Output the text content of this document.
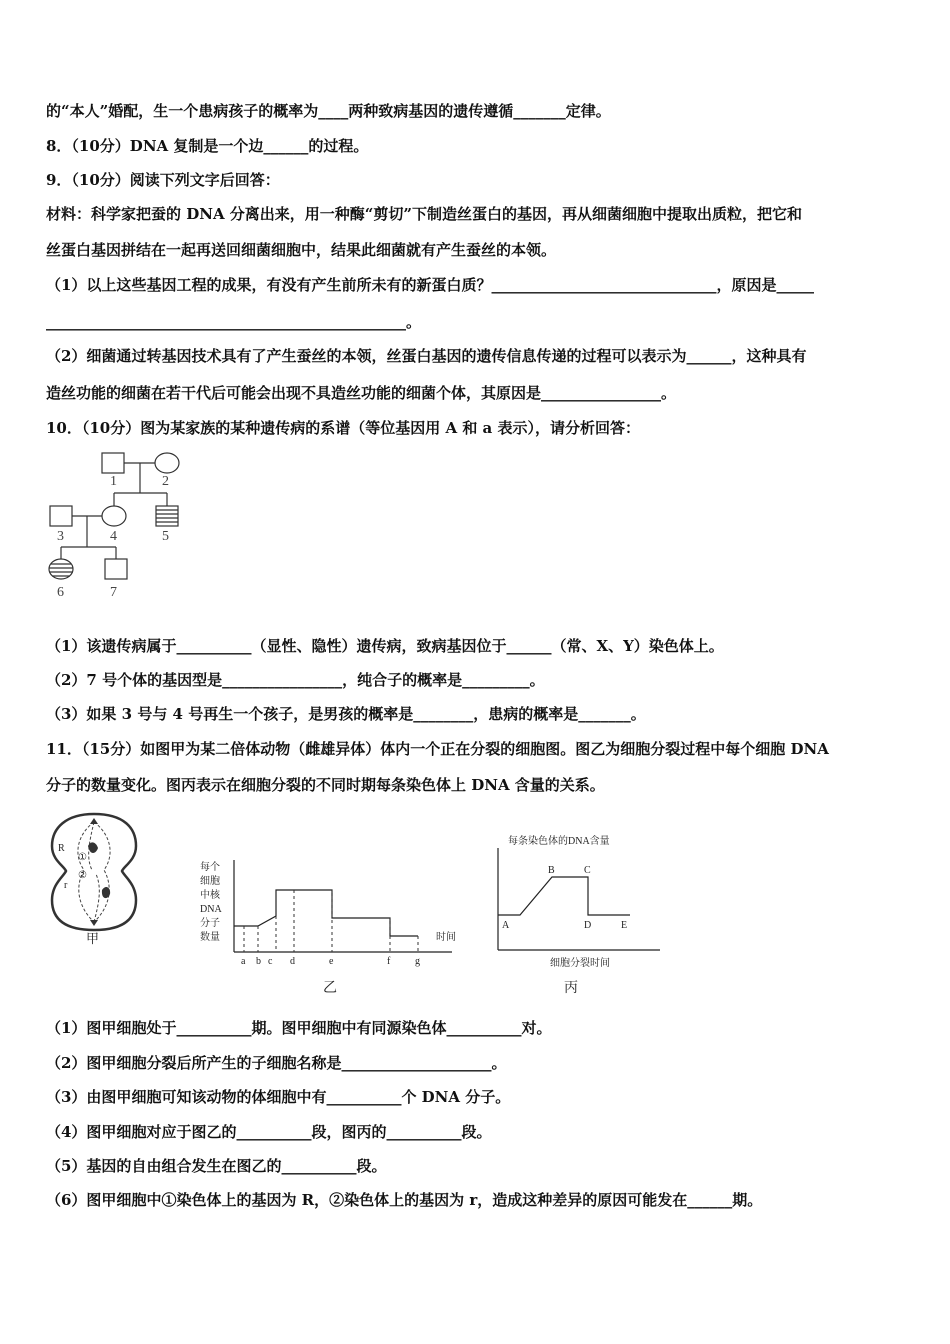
的“本人”婚配，生一个患病孩子的概率为____两种致病基因的遗传遵循_______定律。
8．（10分）DNA 复制是一个边______的过程。
9．（10分）阅读下列文字后回答：
材料：科学家把蚕的 DNA 分离出来，用一种酶“剪切”下制造丝蛋白的基因，再从细菌细胞中提取出质粒，把它和
丝蛋白基因拼结在一起再送回细菌细胞中，结果此细菌就有产生蚕丝的本领。
（1）以上这些基因工程的成果，有没有产生前所未有的新蛋白质？______________________________，原因是_____
________________________________________________。
（2）细菌通过转基因技术具有了产生蚕丝的本领，丝蛋白基因的遗传信息传递的过程可以表示为______，这种具有
造丝功能的细菌在若干代后可能会出现不具造丝功能的细菌个体，其原因是________________。
10．（10分）图为某家族的某种遗传病的系谱（等位基因用 A 和 a 表示），请分析回答：
1	2
3	4	5
6	7
（1）该遗传病属于__________（显性、隐性）遗传病，致病基因位于______（常、X、Y）染色体上。
（2）7 号个体的基因型是________________，纯合子的概率是_________。
（3）如果 3 号与 4 号再生一个孩子，是男孩的概率是________，患病的概率是_______。
11．（15分）如图甲为某二倍体动物（雌雄异体）体内一个正在分裂的细胞图。图乙为细胞分裂过程中每个细胞 DNA
分子的数量变化。图丙表示在细胞分裂的不同时期每条染色体上 DNA 含量的关系。
R
①
②
r
甲
每个
细胞
中核
DNA
分子
数量	时间
a b c d	e	f g
乙
每条染色体的DNA含量
A
B	C
D	E
细胞分裂时间
丙
（1）图甲细胞处于__________期。图甲细胞中有同源染色体__________对。
（2）图甲细胞分裂后所产生的子细胞名称是____________________。
（3）由图甲细胞可知该动物的体细胞中有__________个 DNA 分子。
（4）图甲细胞对应于图乙的__________段，图丙的__________段。
（5）基因的自由组合发生在图乙的__________段。
（6）图甲细胞中①染色体上的基因为 R，②染色体上的基因为 r，造成这种差异的原因可能发在______期。
